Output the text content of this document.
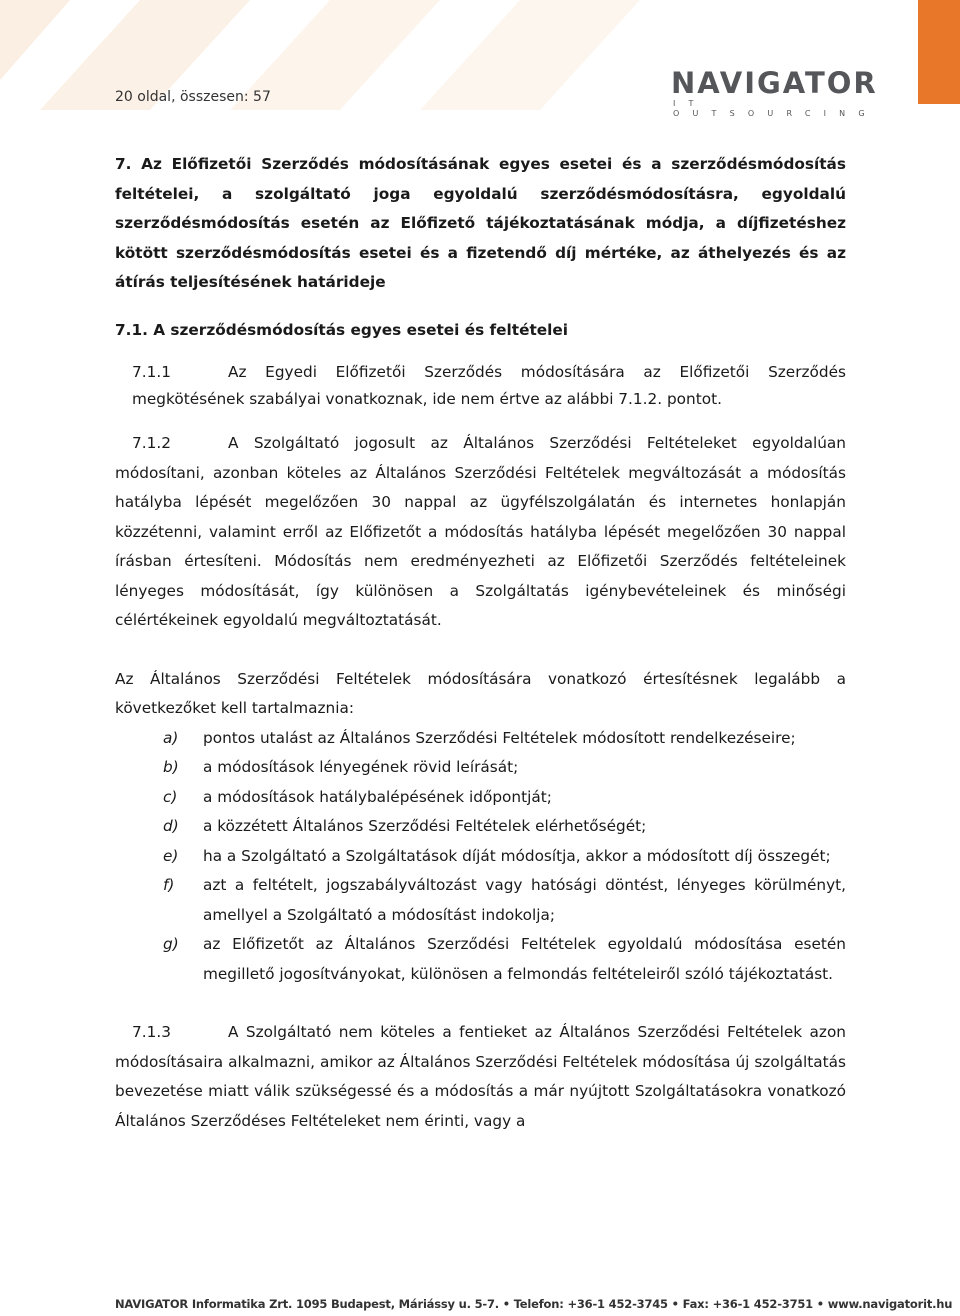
20 oldal, összesen: 57	NAVIGATOR
IT OUTSOURCING

7. Az Előfizetői Szerződés módosításának egyes esetei és a szerződésmódosítás feltételei, a szolgáltató joga egyoldalú szerződésmódosításra, egyoldalú szerződésmódosítás esetén az Előfizető tájékoztatásának módja, a díjfizetéshez kötött szerződésmódosítás esetei és a fizetendő díj mértéke, az áthelyezés és az átírás teljesítésének határideje

7.1. A szerződésmódosítás egyes esetei és feltételei

7.1.1	Az Egyedi Előfizetői Szerződés módosítására az Előfizetői Szerződés megkötésének szabályai vonatkoznak, ide nem értve az alábbi 7.1.2. pontot.

7.1.2	A Szolgáltató jogosult az Általános Szerződési Feltételeket egyoldalúan módosítani, azonban köteles az Általános Szerződési Feltételek megváltozását a módosítás hatályba lépését megelőzően 30 nappal az ügyfélszolgálatán és internetes honlapján közzétenni, valamint erről az Előfizetőt a módosítás hatályba lépését megelőzően 30 nappal írásban értesíteni. Módosítás nem eredményezheti az Előfizetői Szerződés feltételeinek lényeges módosítását, így különösen a Szolgáltatás igénybevételeinek és minőségi célértékeinek egyoldalú megváltoztatását.

Az Általános Szerződési Feltételek módosítására vonatkozó értesítésnek legalább a következőket kell tartalmaznia:

a)	pontos utalást az Általános Szerződési Feltételek módosított rendelkezéseire;
b)	a módosítások lényegének rövid leírását;
c)	a módosítások hatálybalépésének időpontját;
d)	a közzétett Általános Szerződési Feltételek elérhetőségét;
e)	ha a Szolgáltató a Szolgáltatások díját módosítja, akkor a módosított díj összegét;
f)	azt a feltételt, jogszabályváltozást vagy hatósági döntést, lényeges körülményt, amellyel a Szolgáltató a módosítást indokolja;
g)	az Előfizetőt az Általános Szerződési Feltételek egyoldalú módosítása esetén megillető jogosítványokat, különösen a felmondás feltételeiről szóló tájékoztatást.

7.1.3	A Szolgáltató nem köteles a fentieket az Általános Szerződési Feltételek azon módosításaira alkalmazni, amikor az Általános Szerződési Feltételek módosítása új szolgáltatás bevezetése miatt válik szükségessé és a módosítás a már nyújtott Szolgáltatásokra vonatkozó Általános Szerződéses Feltételeket nem érinti, vagy a

NAVIGATOR Informatika Zrt. 1095 Budapest, Máriássy u. 5-7. • Telefon: +36-1 452-3745 • Fax: +36-1 452-3751 • www.navigatorit.hu
